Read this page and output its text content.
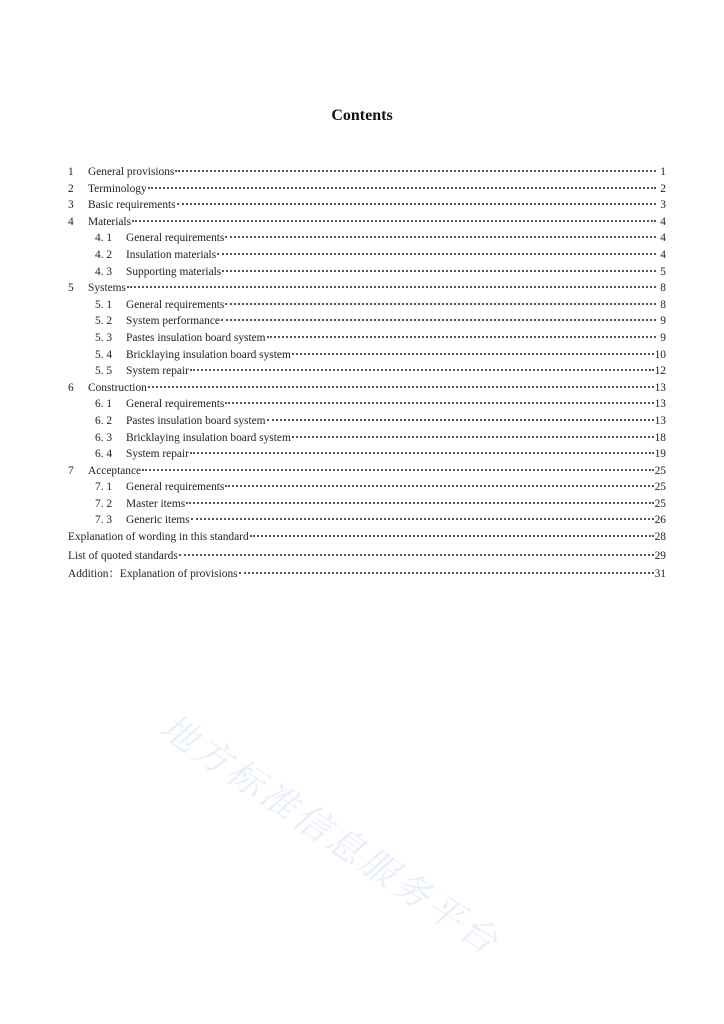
Contents
1	General provisions	1
2	Terminology	2
3	Basic requirements	3
4	Materials	4
4. 1	General requirements	4
4. 2	Insulation materials	4
4. 3	Supporting materials	5
5	Systems	8
5. 1	General requirements	8
5. 2	System performance	9
5. 3	Pastes insulation board system	9
5. 4	Bricklaying insulation board system	10
5. 5	System repair	12
6	Construction	13
6. 1	General requirements	13
6. 2	Pastes insulation board system	13
6. 3	Bricklaying insulation board system	18
6. 4	System repair	19
7	Acceptance	25
7. 1	General requirements	25
7. 2	Master items	25
7. 3	Generic items	26
Explanation of wording in this standard	28
List of quoted standards	29
Addition：Explanation of provisions	31
地方标准信息服务平台
